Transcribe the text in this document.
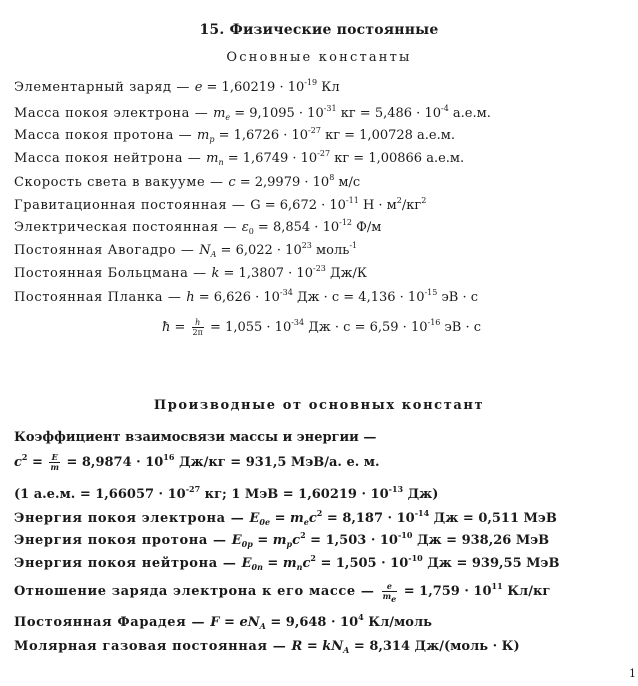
15. Физические постоянные
Основные константы
Элементарный заряд — $e = 1,60219 \cdot 10^{-19}$ Кл
Масса покоя электрона — $m_e = 9,1095 \cdot 10^{-31}$ кг = $5,486 \cdot 10^{-4}$ а.е.м.
Масса покоя протона — $m_p = 1,6726 \cdot 10^{-27}$ кг = 1,00728 а.е.м.
Масса покоя нейтрона — $m_n = 1,6749 \cdot 10^{-27}$ кг = 1,00866 а.е.м.
Скорость света в вакууме — $c = 2,9979 \cdot 10^8$ м/с
Гравитационная постоянная — $G = 6,672 \cdot 10^{-11}$ $Н \cdot м^2/кг^2$
Электрическая постоянная — $\varepsilon_0 = 8,854 \cdot 10^{-12}$ Ф/м
Постоянная Авогадро — $N_A = 6,022 \cdot 10^{23}$ моль$^{-1}$
Постоянная Больцмана — $k = 1,3807 \cdot 10^{-23}$ Дж/К
Постоянная Планка — $h = 6,626 \cdot 10^{-34}$ Дж · $с = 4,136 \cdot 10^{-15}$ эВ · с
ħ = $\frac{h}{2\pi} = 1,055 \cdot 10^{-34}$ Дж · $с = 6,59 \cdot 10^{-16}$ эВ · с
Производные от основных констант
Коэффициент взаимосвязи массы и энергии —
$c^2 = \frac{E}{m} = 8,9874 \cdot 10^{16}$ Дж/кг = 931,5 МэВ/а. е. м.
(1 а.е.м. = $1,66057 \cdot 10^{-27}$ кг; 1 МэВ = $1,60219 \cdot 10^{-13}$ Дж)
Энергия покоя электрона — $E_{0e} = m_ec^2 = 8,187 \cdot 10^{-14}$ Дж = 0,511 МэВ
Энергия покоя протона — $E_{0p} = m_pc^2 = 1,503 \cdot 10^{-10}$ Дж = 938,26 МэВ
Энергия покоя нейтрона — $E_{0n} = m_nc^2 = 1,505 \cdot 10^{-10}$ Дж = 939,55 МэВ
Отношение заряда электрона к его массе — $\frac{e}{m_e} = 1,759 \cdot 10^{11}$ Кл/кг
Постоянная Фарадея — $F = eN_A = 9,648 \cdot 10^4$ Кл/моль
Молярная газовая постоянная — $R = kN_A = 8,314$ Дж/(моль · К)
1
